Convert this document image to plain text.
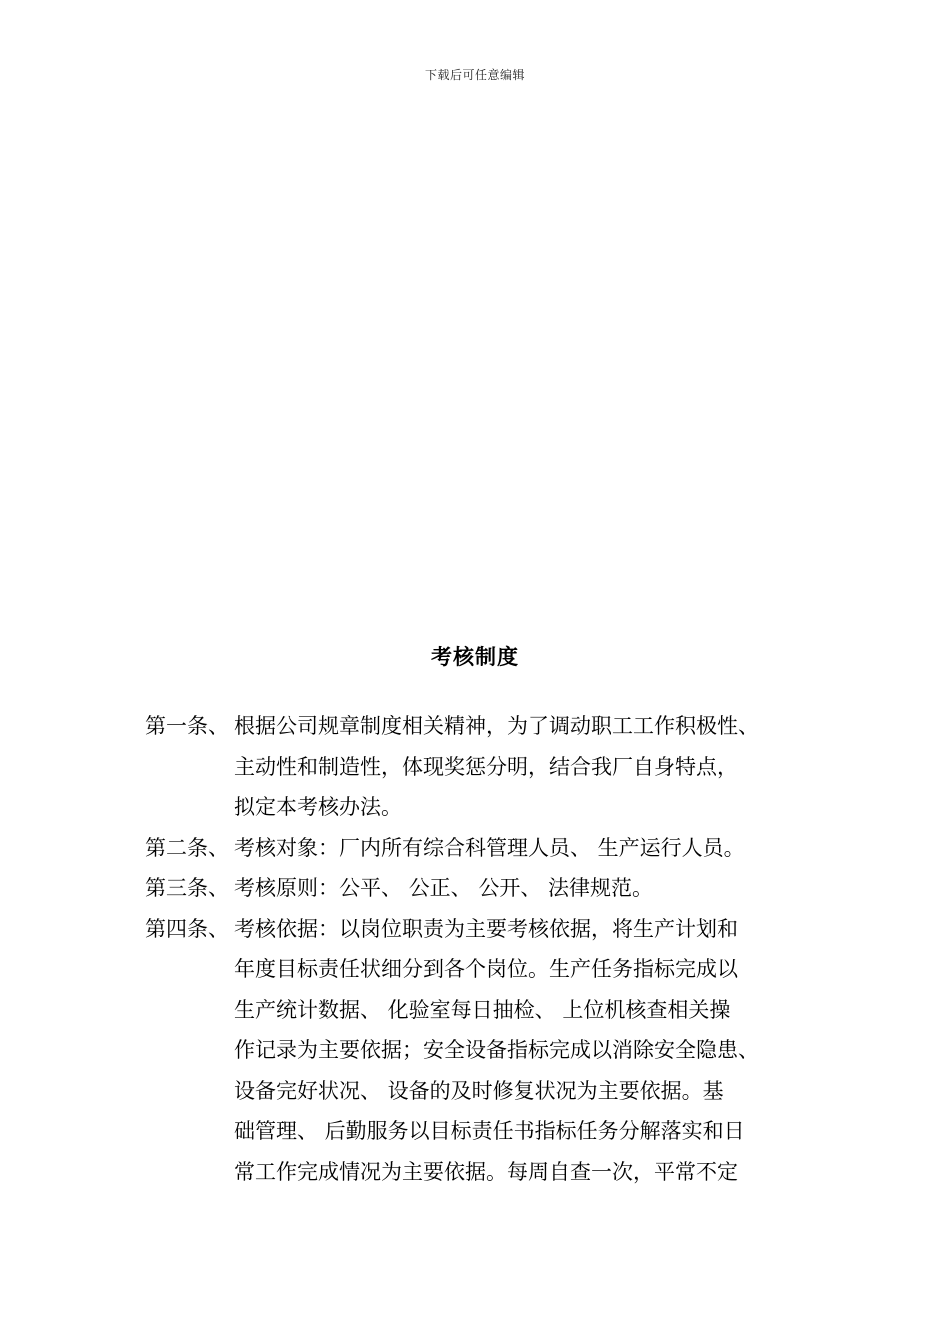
下载后可任意编辑
考核制度
第一条、 根据公司规章制度相关精神，为了调动职工工作积极性、
主动性和制造性，体现奖惩分明，结合我厂自身特点，
拟定本考核办法。
第二条、 考核对象：厂内所有综合科管理人员、 生产运行人员。
第三条、 考核原则：公平、 公正、 公开、 法律规范。
第四条、 考核依据：以岗位职责为主要考核依据，将生产计划和
年度目标责任状细分到各个岗位。生产任务指标完成以
生产统计数据、 化验室每日抽检、 上位机核查相关操
作记录为主要依据；安全设备指标完成以消除安全隐患、
设备完好状况、 设备的及时修复状况为主要依据。基
础管理、 后勤服务以目标责任书指标任务分解落实和日
常工作完成情况为主要依据。每周自查一次，平常不定
